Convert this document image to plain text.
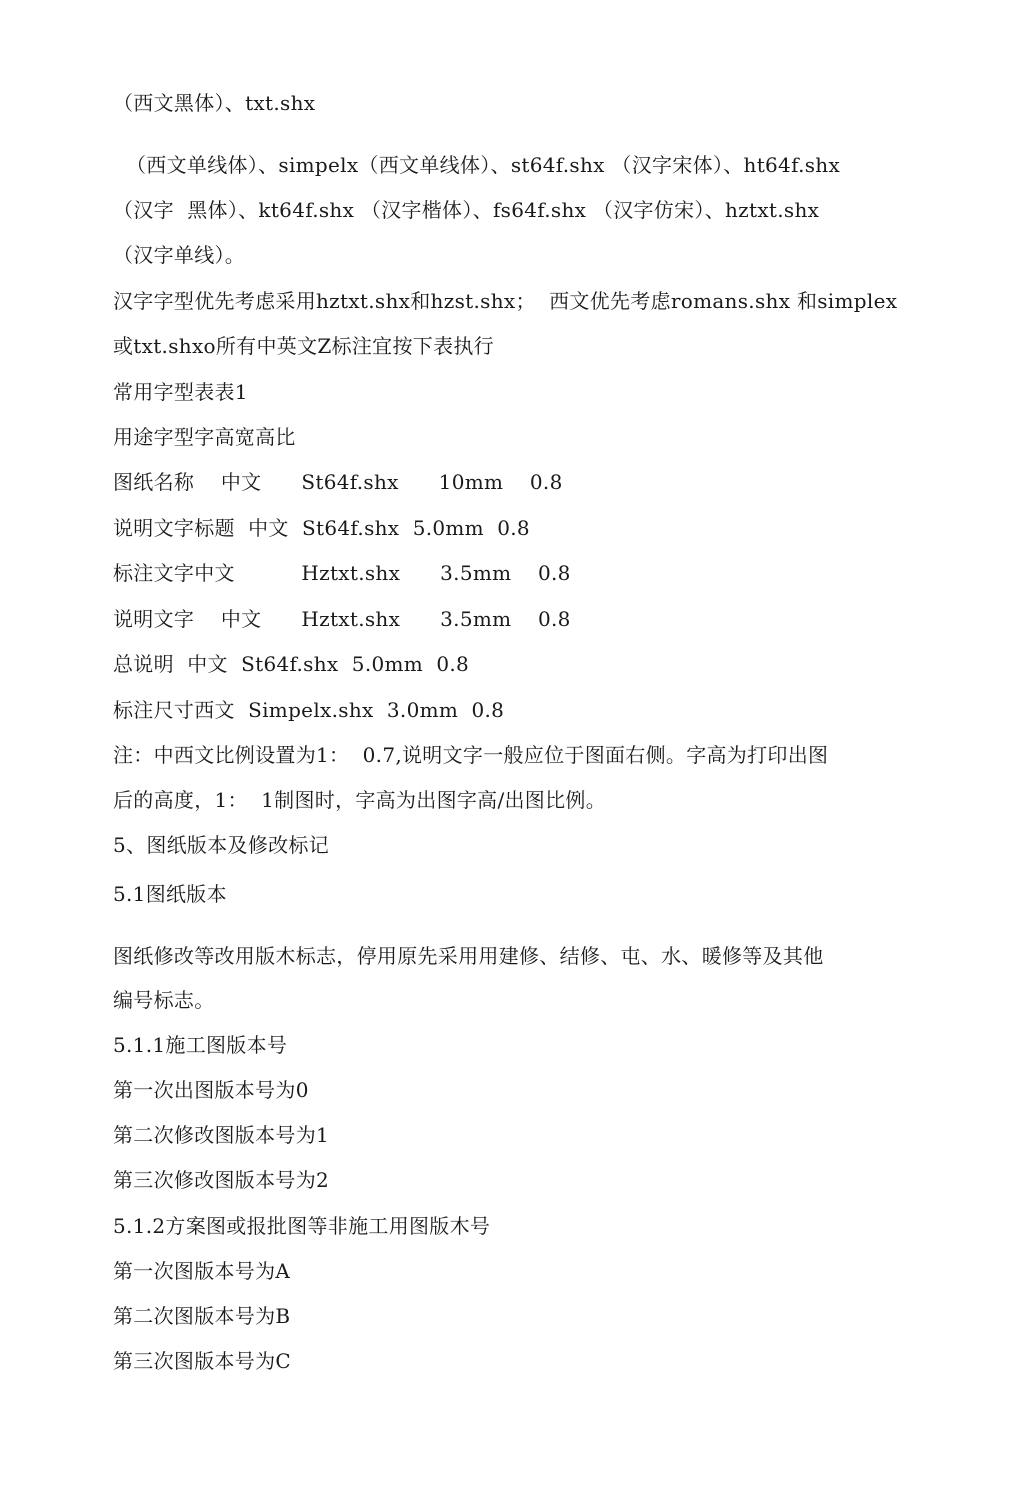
（西文黑体）、txt.shx
（西文单线体）、simpelx（西文单线体）、st64f.shx （汉字宋体）、ht64f.shx
（汉字  黑体）、kt64f.shx （汉字楷体）、fs64f.shx （汉字仿宋）、hztxt.shx
（汉字单线）。
汉字字型优先考虑采用hztxt.shx和hzst.shx；  西文优先考虑romans.shx 和simplex
或txt.shxo所有中英文Z标注宜按下表执行
常用字型表表1
用途字型字高宽高比
图纸名称    中文      St64f.shx      10mm    0.8
说明文字标题  中文  St64f.shx  5.0mm  0.8
标注文字中文          Hztxt.shx      3.5mm    0.8
说明文字    中文      Hztxt.shx      3.5mm    0.8
总说明  中文  St64f.shx  5.0mm  0.8
标注尺寸西文  Simpelx.shx  3.0mm  0.8
注：中西文比例设置为1：  0.7,说明文字一般应位于图面右侧。字高为打印出图
后的高度，1：  1制图时，字高为出图字高/出图比例。
5、图纸版本及修改标记
5.1图纸版本
图纸修改等改用版木标志，停用原先采用用建修、结修、屯、水、暖修等及其他
编号标志。
5.1.1施工图版本号
第一次出图版本号为0
第二次修改图版本号为1
第三次修改图版本号为2
5.1.2方案图或报批图等非施工用图版木号
第一次图版本号为A
第二次图版本号为B
第三次图版本号为C
